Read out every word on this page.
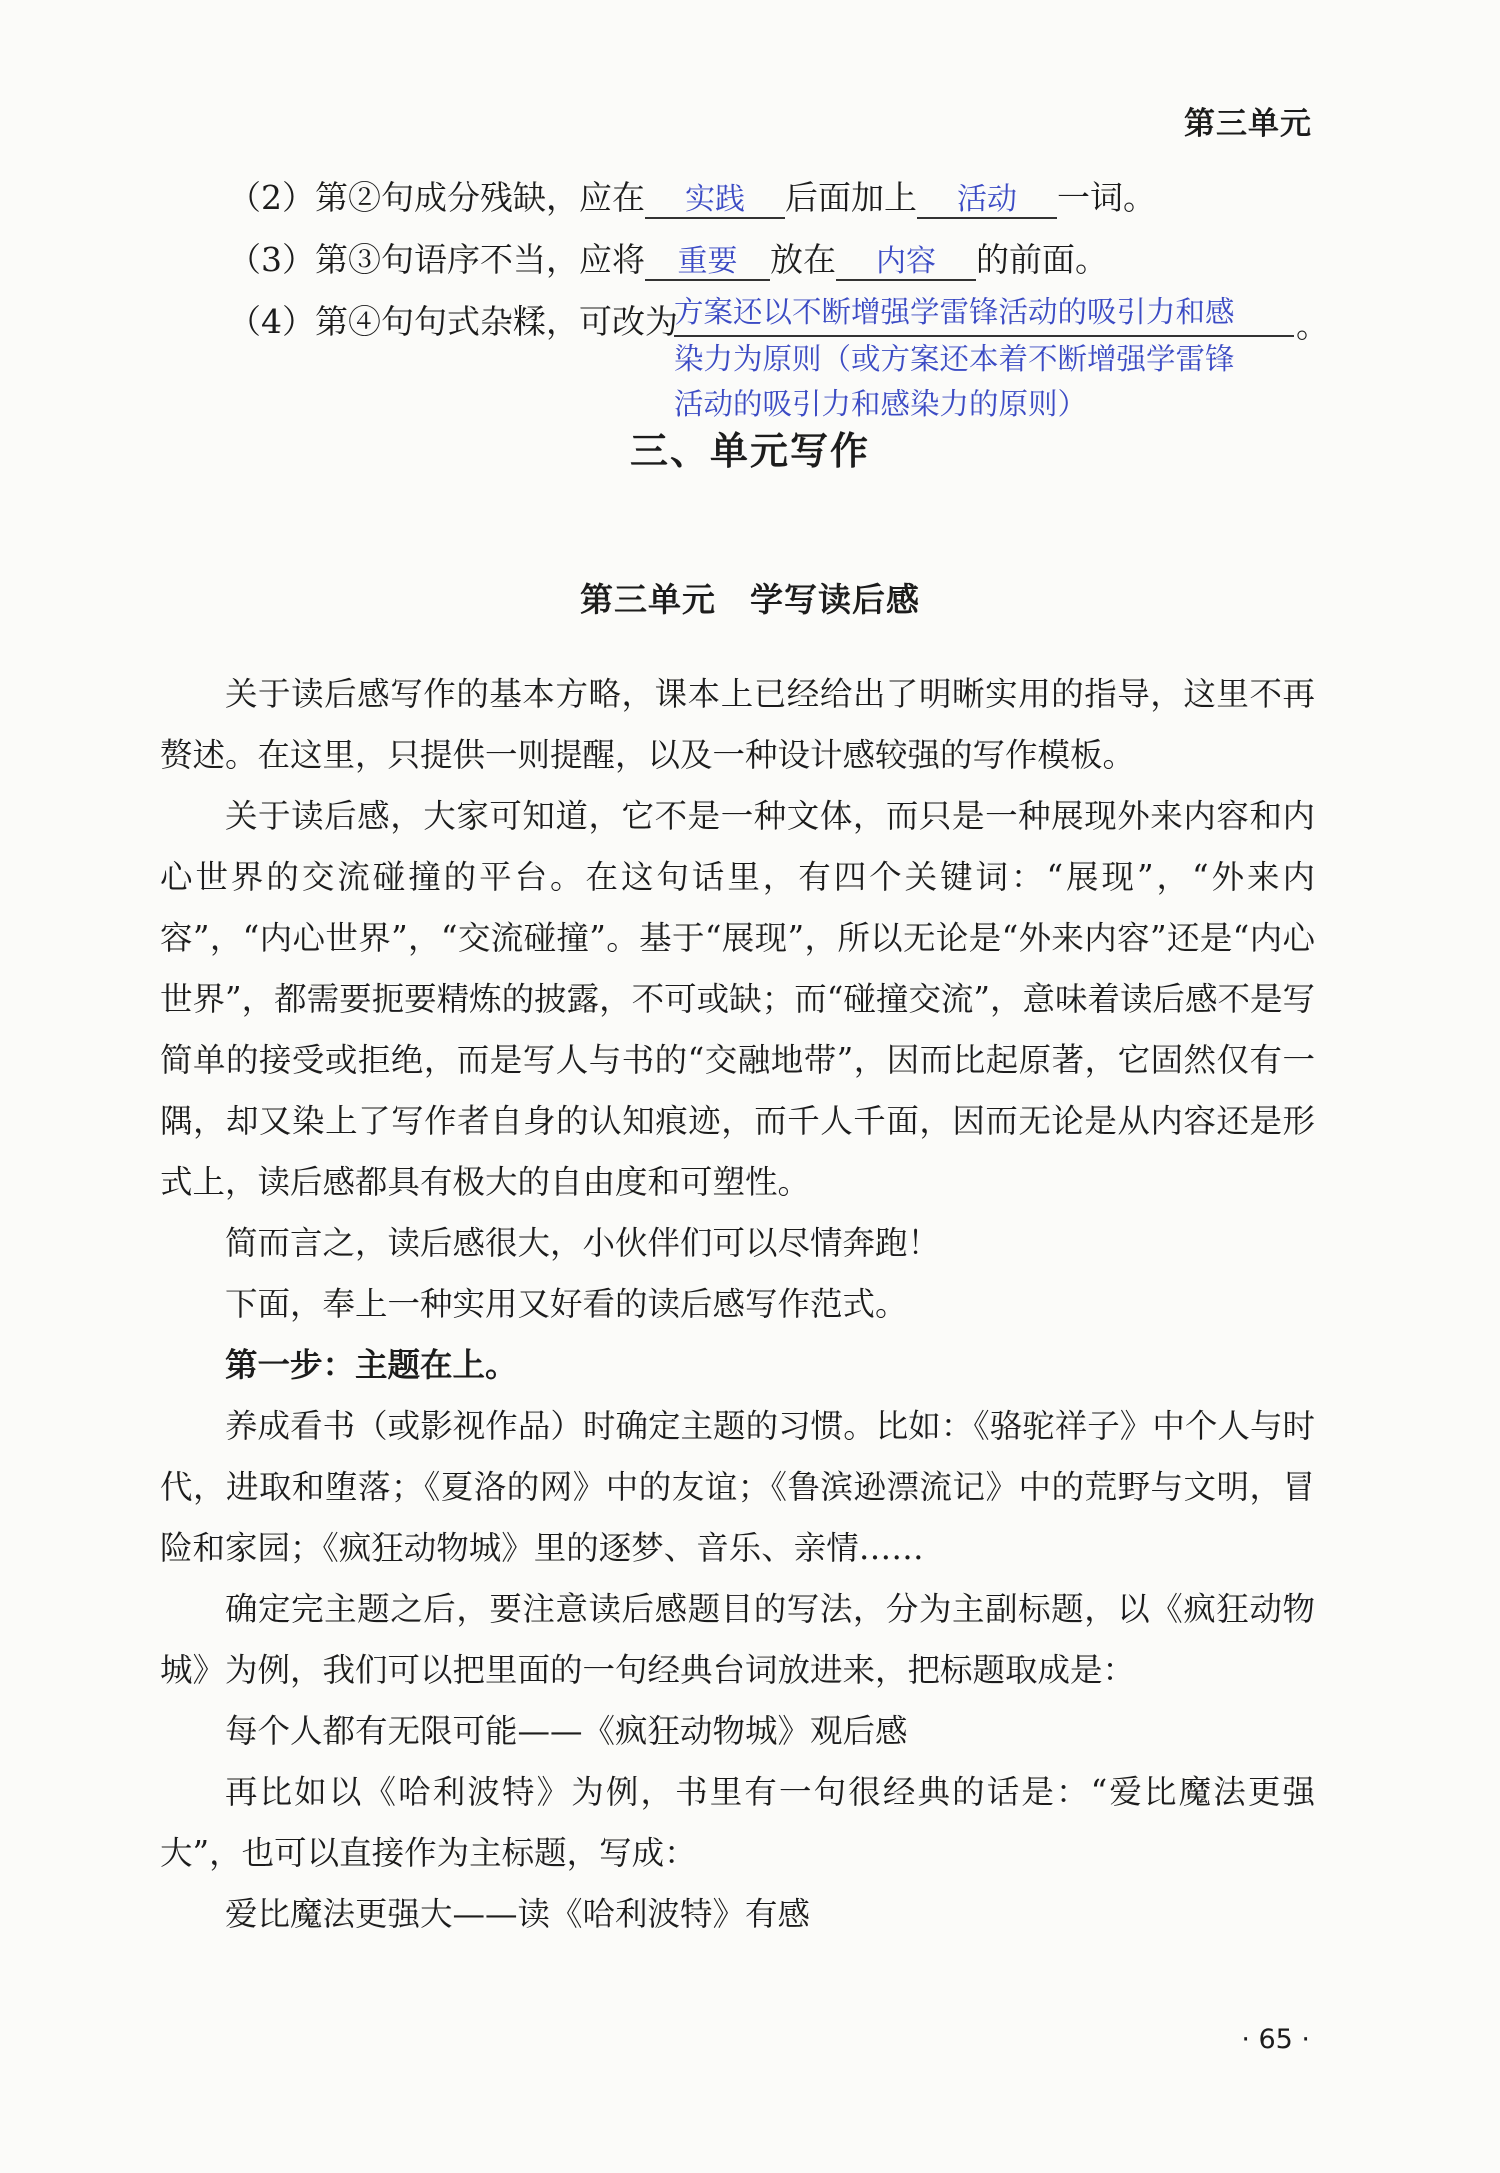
第三单元
（2）第②句成分残缺，应在 实践 后面加上 活动 一词。
（3）第③句语序不当，应将 重要 放在 内容 的前面。
（4）第④句句式杂糅，可改为
方案还以不断增强学雷锋活动的吸引力和感
染力为原则（或方案还本着不断增强学雷锋
活动的吸引力和感染力的原则）
。
三、单元写作
第三单元　学写读后感

关于读后感写作的基本方略，课本上已经给出了明晰实用的指导，这里不再赘述。在这里，只提供一则提醒，以及一种设计感较强的写作模板。

关于读后感，大家可知道，它不是一种文体，而只是一种展现外来内容和内心世界的交流碰撞的平台。在这句话里，有四个关键词：“展现”，“外来内容”，“内心世界”，“交流碰撞”。基于“展现”，所以无论是“外来内容”还是“内心世界”，都需要扼要精炼的披露，不可或缺；而“碰撞交流”，意味着读后感不是写简单的接受或拒绝，而是写人与书的“交融地带”，因而比起原著，它固然仅有一隅，却又染上了写作者自身的认知痕迹，而千人千面，因而无论是从内容还是形式上，读后感都具有极大的自由度和可塑性。

简而言之，读后感很大，小伙伴们可以尽情奔跑！

下面，奉上一种实用又好看的读后感写作范式。

第一步：主题在上。

养成看书（或影视作品）时确定主题的习惯。比如：《骆驼祥子》中个人与时代，进取和堕落；《夏洛的网》中的友谊；《鲁滨逊漂流记》中的荒野与文明，冒险和家园；《疯狂动物城》里的逐梦、音乐、亲情……

确定完主题之后，要注意读后感题目的写法，分为主副标题，以《疯狂动物城》为例，我们可以把里面的一句经典台词放进来，把标题取成是：

每个人都有无限可能——《疯狂动物城》观后感

再比如以《哈利波特》为例，书里有一句很经典的话是：“爱比魔法更强大”，也可以直接作为主标题，写成：

爱比魔法更强大——读《哈利波特》有感

· 65 ·
